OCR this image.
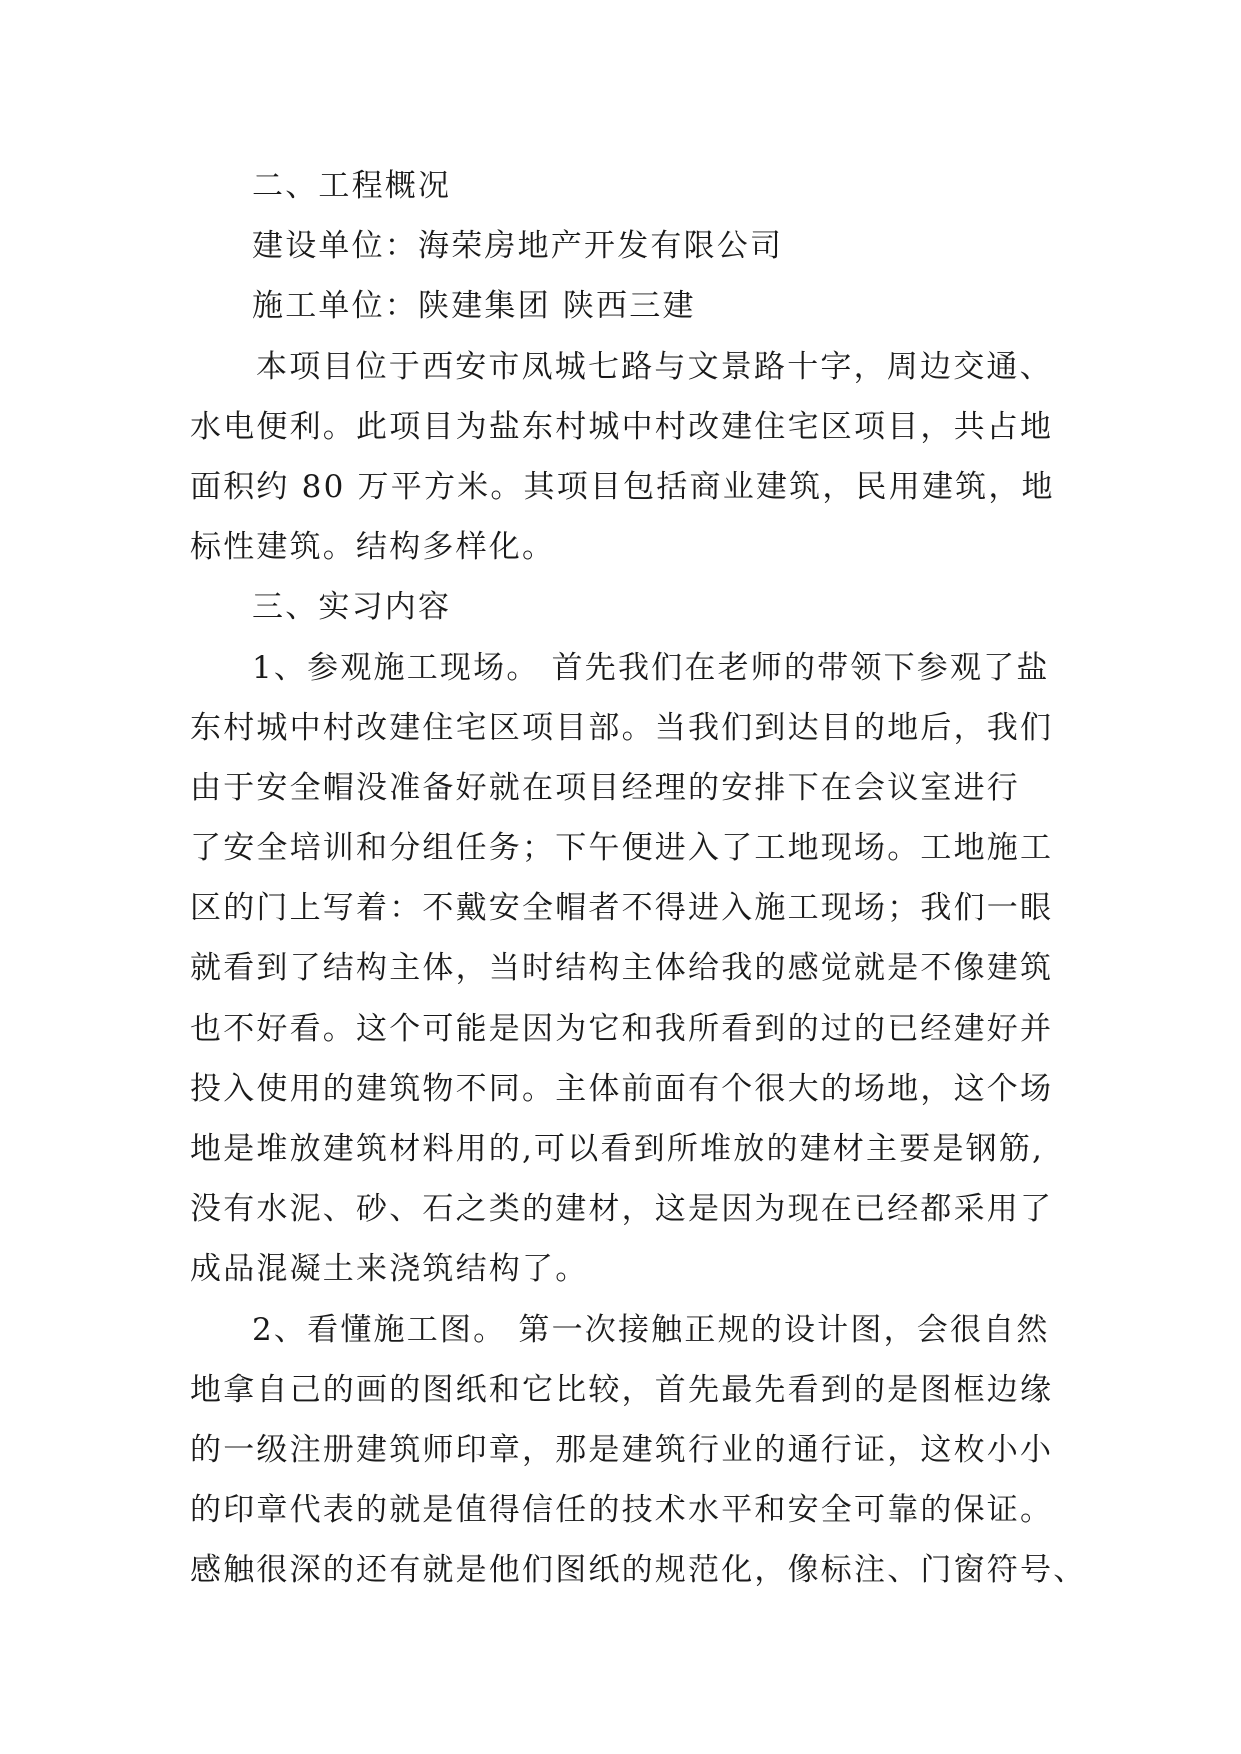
二、工程概况
建设单位：海荣房地产开发有限公司
施工单位：陕建集团 陕西三建
本项目位于西安市凤城七路与文景路十字，周边交通、
水电便利。此项目为盐东村城中村改建住宅区项目，共占地
面积约 80 万平方米。其项目包括商业建筑，民用建筑，地
标性建筑。结构多样化。
三、实习内容
1、参观施工现场。 首先我们在老师的带领下参观了盐
东村城中村改建住宅区项目部。当我们到达目的地后，我们
由于安全帽没准备好就在项目经理的安排下在会议室进行
了安全培训和分组任务；下午便进入了工地现场。工地施工
区的门上写着：不戴安全帽者不得进入施工现场；我们一眼
就看到了结构主体，当时结构主体给我的感觉就是不像建筑
也不好看。这个可能是因为它和我所看到的过的已经建好并
投入使用的建筑物不同。主体前面有个很大的场地，这个场
地是堆放建筑材料用的,可以看到所堆放的建材主要是钢筋,
没有水泥、砂、石之类的建材，这是因为现在已经都采用了
成品混凝土来浇筑结构了。
2、看懂施工图。 第一次接触正规的设计图，会很自然
地拿自己的画的图纸和它比较，首先最先看到的是图框边缘
的一级注册建筑师印章，那是建筑行业的通行证，这枚小小
的印章代表的就是值得信任的技术水平和安全可靠的保证。
感触很深的还有就是他们图纸的规范化，像标注、门窗符号、
